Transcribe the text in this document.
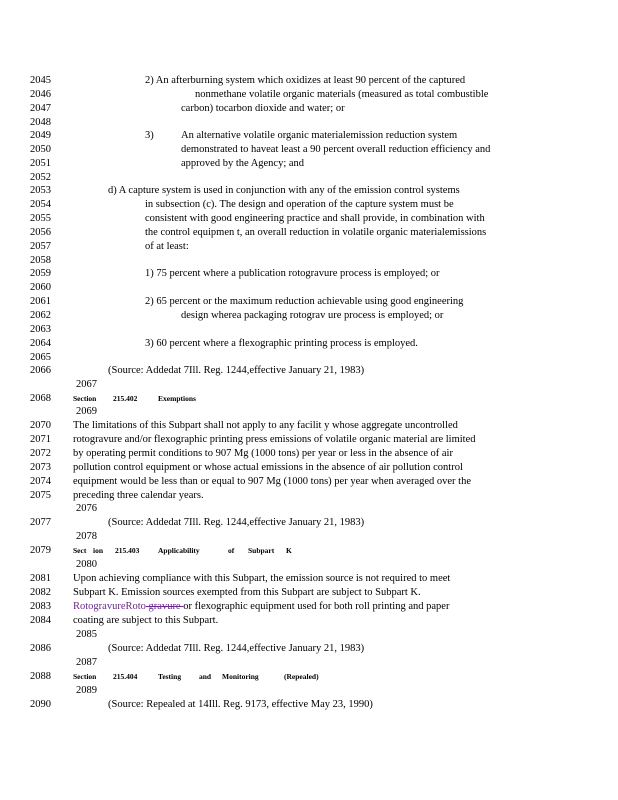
2045	2) An afterburning system which oxidizes at least 90 percent of the captured
2046	nonmethane volatile organic materials (measured as total combustible
2047	carbon) tocarbon dioxide and water; or
2048
2049	3)	An alternative volatile organic materialemission reduction system
2050	demonstrated to haveat least a 90 percent overall reduction efficiency and
2051	approved by the Agency; and
2052
2053	d) A capture system is used in conjunction with any of the emission control systems
2054	in subsection (c). The design and operation of the capture system must be
2055	consistent with good engineering practice and shall provide, in combination with
2056	the control equipmen t, an overall reduction in volatile organic materialemissions
2057	of at least:
2058
2059	1) 75 percent where a publication rotogravure process is employed; or
2060
2061	2) 65 percent or the maximum reduction achievable using good engineering
2062	design wherea packaging rotograv ure process is employed; or
2063
2064	3) 60 percent where a flexographic printing process is employed.
2065
2066	(Source: Addedat 7Ill. Reg. 1244,effective January 21, 1983)
2067
2068	Section 215.402	Exemptions
2069
2070 The limitations of this Subpart shall not apply to any facilit y whose aggregate uncontrolled
2071 rotogravure and/or flexographic printing press emissions of volatile organic material are limited
2072 by operating permit conditions to 907 Mg (1000 tons) per year or less in the absence of air
2073 pollution control equipment or whose actual emissions in the absence of air pollution control
2074 equipment would be less than or equal to 907 Mg (1000 tons) per year when averaged over the
2075 preceding three calendar years.
2076
2077	(Source: Addedat 7Ill. Reg. 1244,effective January 21, 1983)
2078
2079	Sect ion 215.403 Applicability	of Subpart K
2080
2081 Upon achieving compliance with this Subpart, the emission source is not required to meet
2082 Subpart K. Emission sources exempted from this Subpart are subject to Subpart K.
2083 RotogravureRoto gravure or flexographic equipment used for both roll printing and paper
2084 coating are subject to this Subpart.
2085
2086	(Source: Addedat 7Ill. Reg. 1244,effective January 21, 1983)
2087
2088	Section 215.404	Testing and Monitoring	(Repealed)
2089
2090	(Source: Repealed at 14Ill. Reg. 9173, effective May 23, 1990)
